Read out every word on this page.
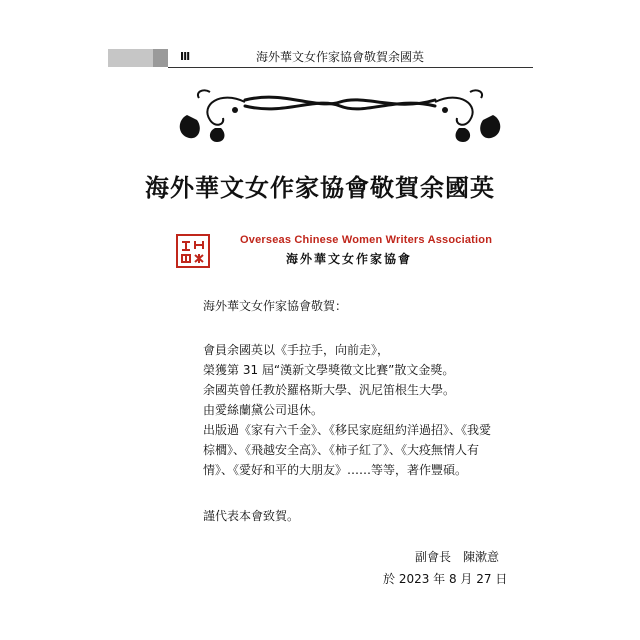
III	海外華文女作家協會敬賀余國英
海外華文女作家協會敬賀余國英
Overseas Chinese Women Writers Association
海外華文女作家協會
海外華文女作家協會敬賀：
會員余國英以《手拉手，向前走》，
榮獲第 31 屆“漢新文學獎徵文比賽”散文金獎。
余國英曾任教於羅格斯大學、汎尼笛根生大學。
由愛絲蘭黛公司退休。
出版過《家有六千金》、《移民家庭紐約洋過招》、《我愛
棕櫚》、《飛越安全高》、《柿子紅了》、《大疫無情人有
情》、《愛好和平的大朋友》……等等，著作豐碩。
謹代表本會致賀。
副會長　陳漱意
於 2023 年 8 月 27 日
